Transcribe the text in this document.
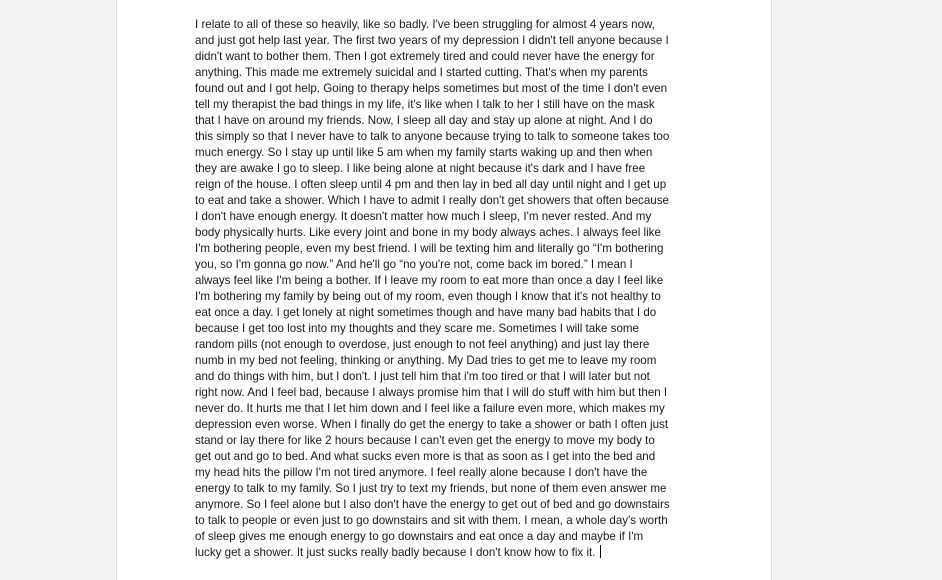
I relate to all of these so heavily, like so badly. I've been struggling for almost 4 years now,
and just got help last year. The first two years of my depression I didn't tell anyone because I
didn't want to bother them. Then I got extremely tired and could never have the energy for
anything. This made me extremely suicidal and I started cutting. That's when my parents
found out and I got help. Going to therapy helps sometimes but most of the time I don't even
tell my therapist the bad things in my life, it's like when I talk to her I still have on the mask
that I have on around my friends. Now, I sleep all day and stay up alone at night. And I do
this simply so that I never have to talk to anyone because trying to talk to someone takes too
much energy. So I stay up until like 5 am when my family starts waking up and then when
they are awake I go to sleep. I like being alone at night because it's dark and I have free
reign of the house. I often sleep until 4 pm and then lay in bed all day until night and I get up
to eat and take a shower. Which I have to admit I really don't get showers that often because
I don't have enough energy. It doesn't matter how much I sleep, I'm never rested. And my
body physically hurts. Like every joint and bone in my body always aches. I always feel like
I'm bothering people, even my best friend. I will be texting him and literally go “I'm bothering
you, so I'm gonna go now.” And he'll go “no you're not, come back im bored.” I mean I
always feel like I'm being a bother. If I leave my room to eat more than once a day I feel like
I'm bothering my family by being out of my room, even though I know that it's not healthy to
eat once a day. I get lonely at night sometimes though and have many bad habits that I do
because I get too lost into my thoughts and they scare me. Sometimes I will take some
random pills (not enough to overdose, just enough to not feel anything) and just lay there
numb in my bed not feeling, thinking or anything. My Dad tries to get me to leave my room
and do things with him, but I don't. I just tell him that i'm too tired or that I will later but not
right now. And I feel bad, because I always promise him that I will do stuff with him but then I
never do. It hurts me that I let him down and I feel like a failure even more, which makes my
depression even worse. When I finally do get the energy to take a shower or bath I often just
stand or lay there for like 2 hours because I can't even get the energy to move my body to
get out and go to bed. And what sucks even more is that as soon as I get into the bed and
my head hits the pillow I'm not tired anymore. I feel really alone because I don't have the
energy to talk to my family. So I just try to text my friends, but none of them even answer me
anymore. So I feel alone but I also don't have the energy to get out of bed and go downstairs
to talk to people or even just to go downstairs and sit with them. I mean, a whole day's worth
of sleep gives me enough energy to go downstairs and eat once a day and maybe if I'm
lucky get a shower. It just sucks really badly because I don't know how to fix it.
